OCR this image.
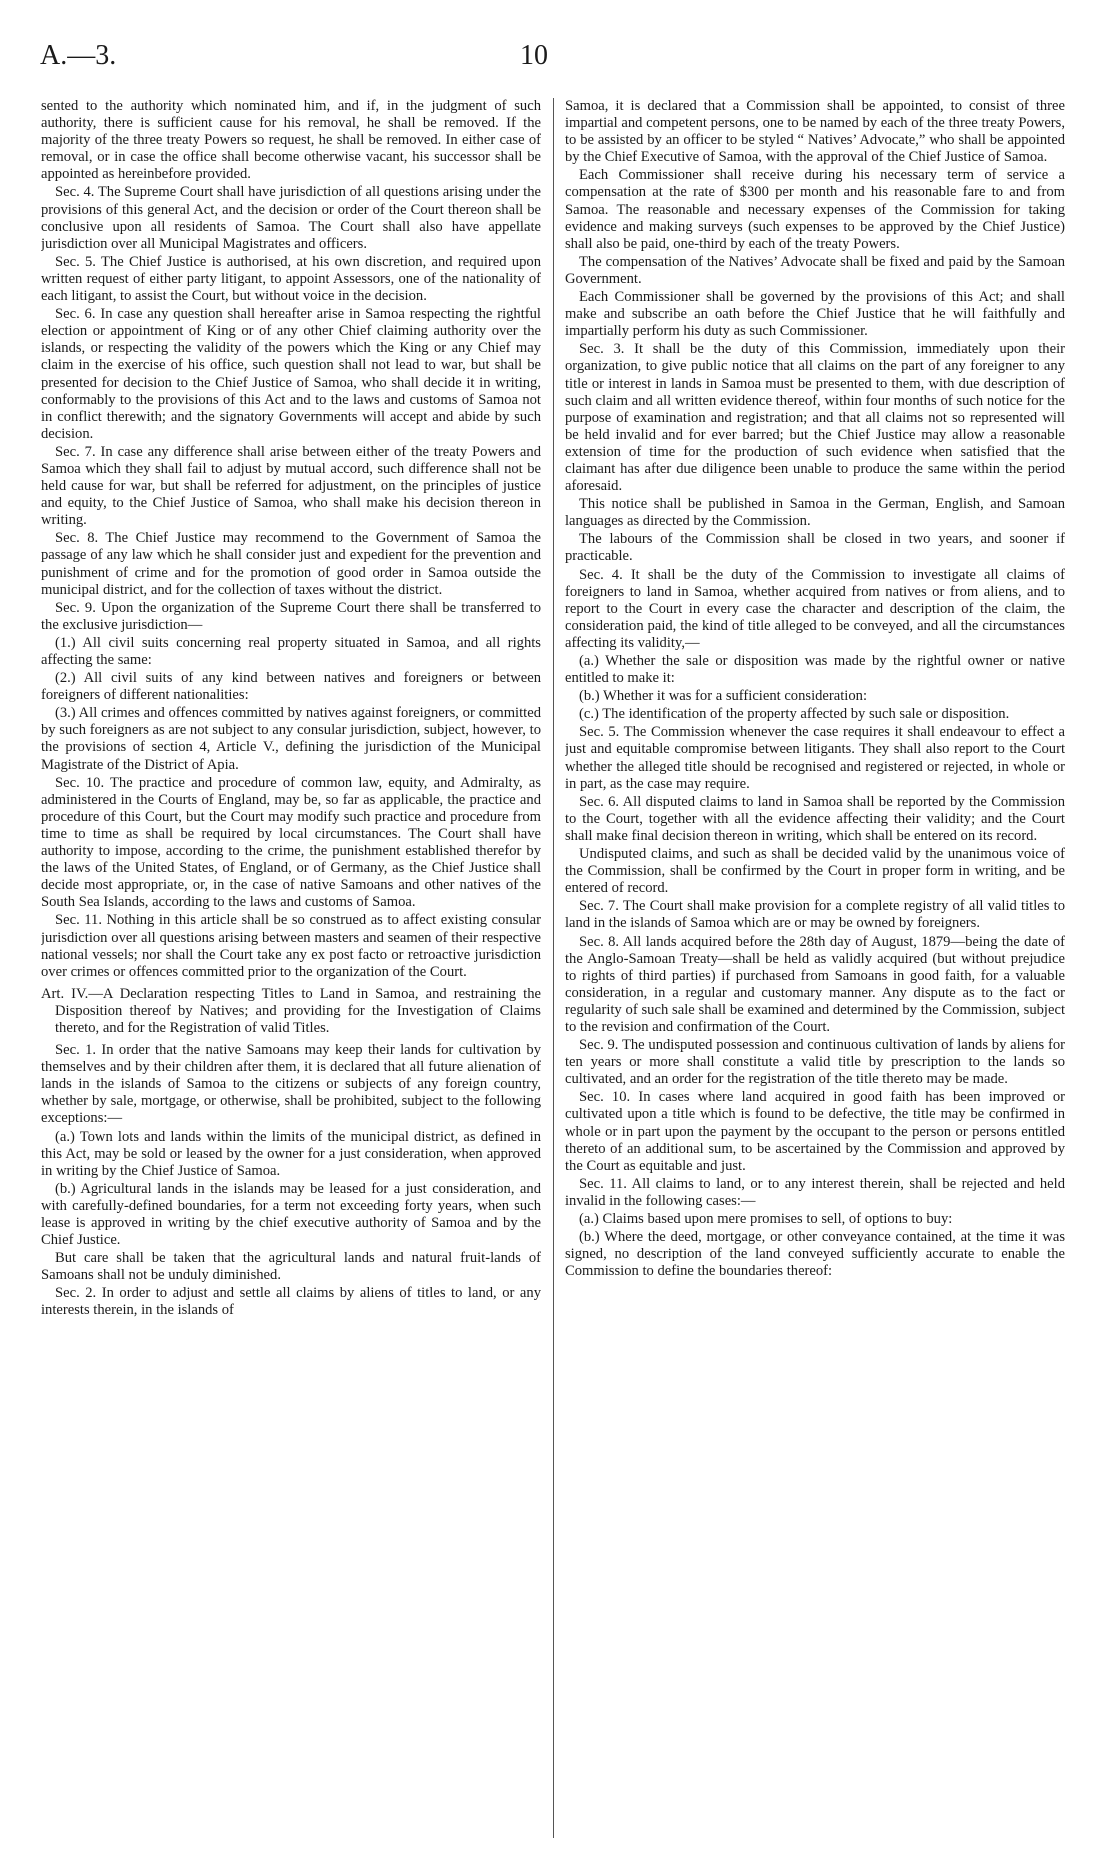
A.—3.	10

sented to the authority which nominated him, and if, in the judgment of such authority, there is sufficient cause for his removal, he shall be removed. If the majority of the three treaty Powers so request, he shall be removed. In either case of removal, or in case the office shall become otherwise vacant, his successor shall be appointed as hereinbefore provided.

Sec. 4. The Supreme Court shall have jurisdiction of all questions arising under the provisions of this general Act, and the decision or order of the Court thereon shall be conclusive upon all residents of Samoa. The Court shall also have appellate jurisdiction over all Municipal Magistrates and officers.

Sec. 5. The Chief Justice is authorised, at his own discretion, and required upon written request of either party litigant, to appoint Assessors, one of the nationality of each litigant, to assist the Court, but without voice in the decision.

Sec. 6. In case any question shall hereafter arise in Samoa respecting the rightful election or appointment of King or of any other Chief claiming authority over the islands, or respecting the validity of the powers which the King or any Chief may claim in the exercise of his office, such question shall not lead to war, but shall be presented for decision to the Chief Justice of Samoa, who shall decide it in writing, conformably to the provisions of this Act and to the laws and customs of Samoa not in conflict therewith; and the signatory Governments will accept and abide by such decision.

Sec. 7. In case any difference shall arise between either of the treaty Powers and Samoa which they shall fail to adjust by mutual accord, such difference shall not be held cause for war, but shall be referred for adjustment, on the principles of justice and equity, to the Chief Justice of Samoa, who shall make his decision thereon in writing.

Sec. 8. The Chief Justice may recommend to the Government of Samoa the passage of any law which he shall consider just and expedient for the prevention and punishment of crime and for the promotion of good order in Samoa outside the municipal district, and for the collection of taxes without the district.

Sec. 9. Upon the organization of the Supreme Court there shall be transferred to the exclusive jurisdiction—

(1.) All civil suits concerning real property situated in Samoa, and all rights affecting the same:

(2.) All civil suits of any kind between natives and foreigners or between foreigners of different nationalities:

(3.) All crimes and offences committed by natives against foreigners, or committed by such foreigners as are not subject to any consular jurisdiction, subject, however, to the provisions of section 4, Article V., defining the jurisdiction of the Municipal Magistrate of the District of Apia.

Sec. 10. The practice and procedure of common law, equity, and Admiralty, as administered in the Courts of England, may be, so far as applicable, the practice and procedure of this Court, but the Court may modify such practice and procedure from time to time as shall be required by local circumstances. The Court shall have authority to impose, according to the crime, the punishment established therefor by the laws of the United States, of England, or of Germany, as the Chief Justice shall decide most appropriate, or, in the case of native Samoans and other natives of the South Sea Islands, according to the laws and customs of Samoa.

Sec. 11. Nothing in this article shall be so construed as to affect existing consular jurisdiction over all questions arising between masters and seamen of their respective national vessels; nor shall the Court take any ex post facto or retroactive jurisdiction over crimes or offences committed prior to the organization of the Court.

Art. IV.—A Declaration respecting Titles to Land in Samoa, and restraining the Disposition thereof by Natives; and providing for the Investigation of Claims thereto, and for the Registration of valid Titles.

Sec. 1. In order that the native Samoans may keep their lands for cultivation by themselves and by their children after them, it is declared that all future alienation of lands in the islands of Samoa to the citizens or subjects of any foreign country, whether by sale, mortgage, or otherwise, shall be prohibited, subject to the following exceptions:—

(a.) Town lots and lands within the limits of the municipal district, as defined in this Act, may be sold or leased by the owner for a just consideration, when approved in writing by the Chief Justice of Samoa.

(b.) Agricultural lands in the islands may be leased for a just consideration, and with carefully-defined boundaries, for a term not exceeding forty years, when such lease is approved in writing by the chief executive authority of Samoa and by the Chief Justice.

But care shall be taken that the agricultural lands and natural fruit-lands of Samoans shall not be unduly diminished.

Sec. 2. In order to adjust and settle all claims by aliens of titles to land, or any interests therein, in the islands of

Samoa, it is declared that a Commission shall be appointed, to consist of three impartial and competent persons, one to be named by each of the three treaty Powers, to be assisted by an officer to be styled “ Natives’ Advocate,” who shall be appointed by the Chief Executive of Samoa, with the approval of the Chief Justice of Samoa.

Each Commissioner shall receive during his necessary term of service a compensation at the rate of $300 per month and his reasonable fare to and from Samoa. The reasonable and necessary expenses of the Commission for taking evidence and making surveys (such expenses to be approved by the Chief Justice) shall also be paid, one-third by each of the treaty Powers.

The compensation of the Natives’ Advocate shall be fixed and paid by the Samoan Government.

Each Commissioner shall be governed by the provisions of this Act; and shall make and subscribe an oath before the Chief Justice that he will faithfully and impartially perform his duty as such Commissioner.

Sec. 3. It shall be the duty of this Commission, immediately upon their organization, to give public notice that all claims on the part of any foreigner to any title or interest in lands in Samoa must be presented to them, with due description of such claim and all written evidence thereof, within four months of such notice for the purpose of examination and registration; and that all claims not so represented will be held invalid and for ever barred; but the Chief Justice may allow a reasonable extension of time for the production of such evidence when satisfied that the claimant has after due diligence been unable to produce the same within the period aforesaid.

This notice shall be published in Samoa in the German, English, and Samoan languages as directed by the Commission.

The labours of the Commission shall be closed in two years, and sooner if practicable.

Sec. 4. It shall be the duty of the Commission to investigate all claims of foreigners to land in Samoa, whether acquired from natives or from aliens, and to report to the Court in every case the character and description of the claim, the consideration paid, the kind of title alleged to be conveyed, and all the circumstances affecting its validity,—

(a.) Whether the sale or disposition was made by the rightful owner or native entitled to make it:

(b.) Whether it was for a sufficient consideration:

(c.) The identification of the property affected by such sale or disposition.

Sec. 5. The Commission whenever the case requires it shall endeavour to effect a just and equitable compromise between litigants. They shall also report to the Court whether the alleged title should be recognised and registered or rejected, in whole or in part, as the case may require.

Sec. 6. All disputed claims to land in Samoa shall be reported by the Commission to the Court, together with all the evidence affecting their validity; and the Court shall make final decision thereon in writing, which shall be entered on its record.

Undisputed claims, and such as shall be decided valid by the unanimous voice of the Commission, shall be confirmed by the Court in proper form in writing, and be entered of record.

Sec. 7. The Court shall make provision for a complete registry of all valid titles to land in the islands of Samoa which are or may be owned by foreigners.

Sec. 8. All lands acquired before the 28th day of August, 1879—being the date of the Anglo-Samoan Treaty—shall be held as validly acquired (but without prejudice to rights of third parties) if purchased from Samoans in good faith, for a valuable consideration, in a regular and customary manner. Any dispute as to the fact or regularity of such sale shall be examined and determined by the Commission, subject to the revision and confirmation of the Court.

Sec. 9. The undisputed possession and continuous cultivation of lands by aliens for ten years or more shall constitute a valid title by prescription to the lands so cultivated, and an order for the registration of the title thereto may be made.

Sec. 10. In cases where land acquired in good faith has been improved or cultivated upon a title which is found to be defective, the title may be confirmed in whole or in part upon the payment by the occupant to the person or persons entitled thereto of an additional sum, to be ascertained by the Commission and approved by the Court as equitable and just.

Sec. 11. All claims to land, or to any interest therein, shall be rejected and held invalid in the following cases:—

(a.) Claims based upon mere promises to sell, of options to buy:

(b.) Where the deed, mortgage, or other conveyance contained, at the time it was signed, no description of the land conveyed sufficiently accurate to enable the Commission to define the boundaries thereof:
